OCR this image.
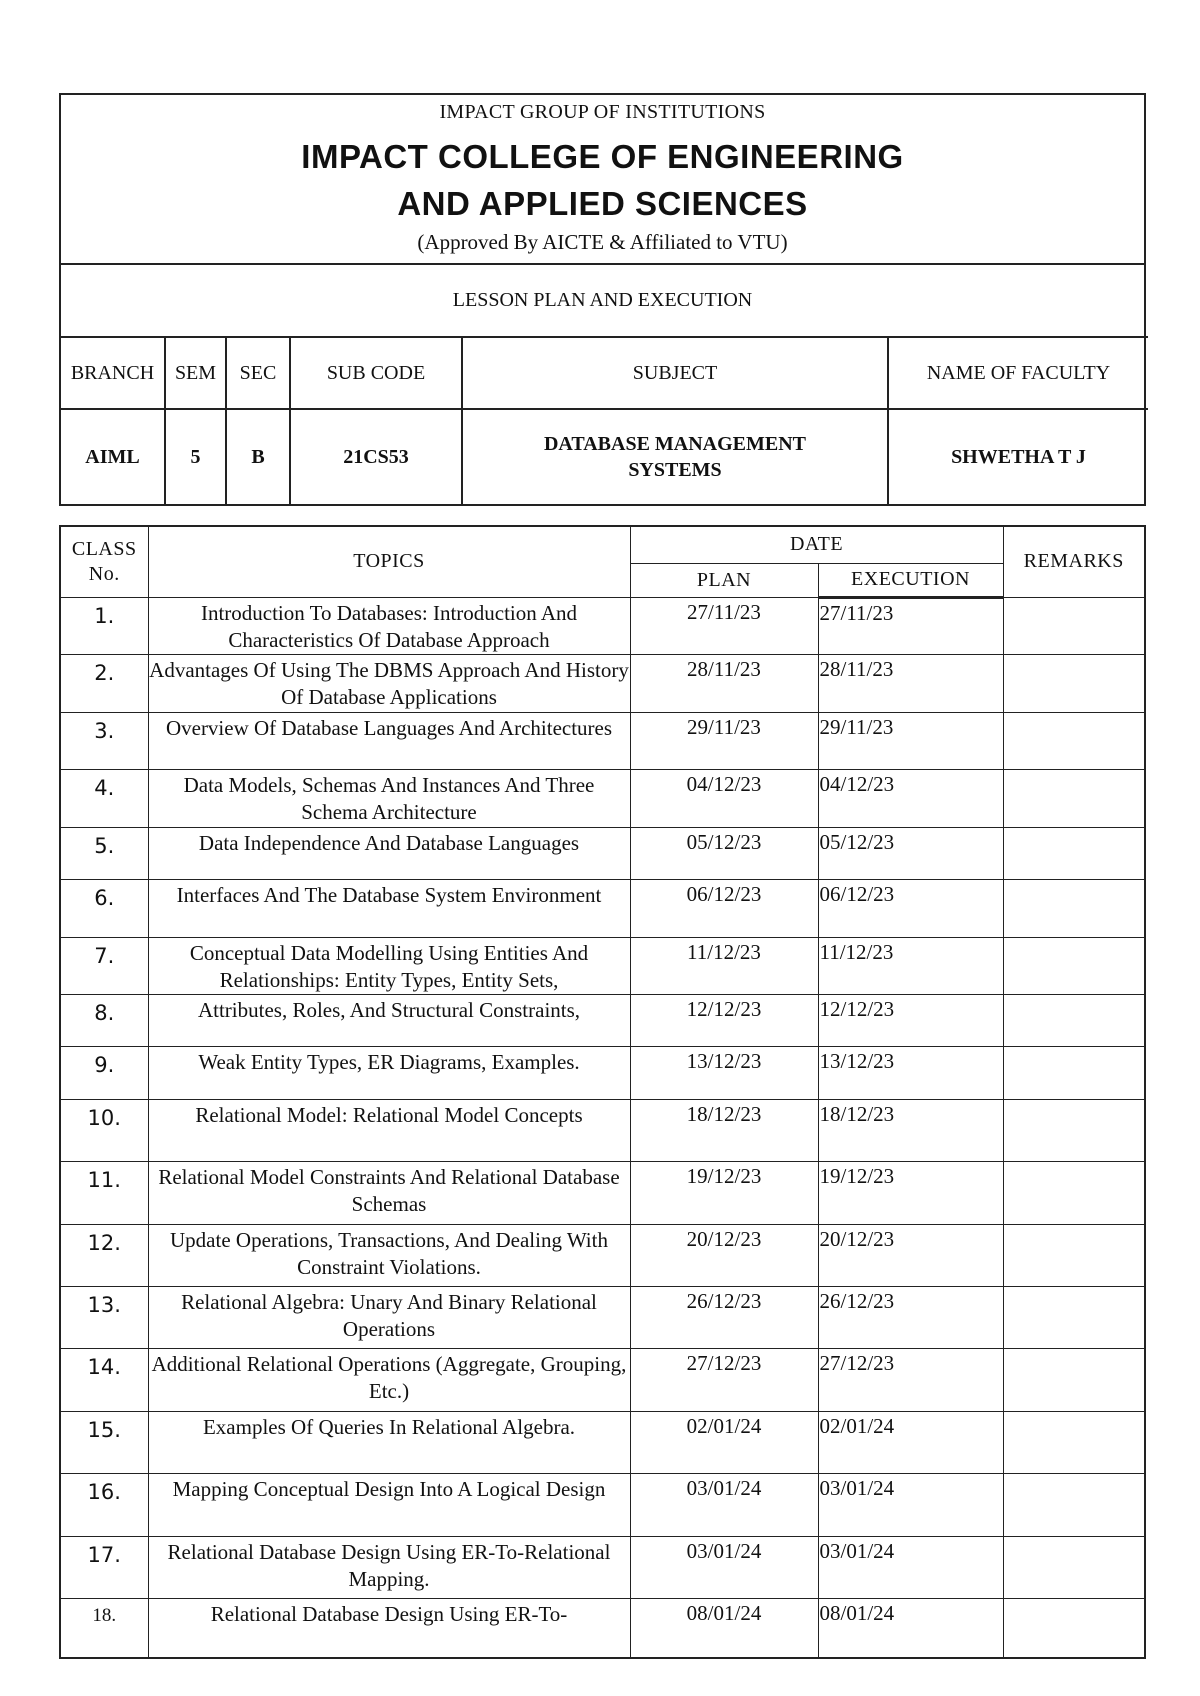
IMPACT GROUP OF INSTITUTIONS
IMPACT COLLEGE OF ENGINEERING
AND APPLIED SCIENCES
(Approved By AICTE & Affiliated to VTU)
LESSON PLAN AND EXECUTION
BRANCH	SEM	SEC	SUB CODE	SUBJECT	NAME OF FACULTY
AIML	5	B	21CS53	DATABASE MANAGEMENT SYSTEMS	SHWETHA T J
CLASS
No.	TOPICS	DATE		REMARKS
		PLAN	EXECUTION	
1.	Introduction To Databases: Introduction And Characteristics Of Database Approach	27/11/23	27/11/23	
2.	Advantages Of Using The DBMS Approach And History Of Database Applications	28/11/23	28/11/23	
3.	Overview Of Database Languages And Architectures	29/11/23	29/11/23	
4.	Data Models, Schemas And Instances And Three Schema Architecture	04/12/23	04/12/23	
5.	Data Independence And Database Languages	05/12/23	05/12/23	
6.	Interfaces And The Database System Environment	06/12/23	06/12/23	
7.	Conceptual Data Modelling Using Entities And Relationships: Entity Types, Entity Sets,	11/12/23	11/12/23	
8.	Attributes, Roles, And Structural Constraints,	12/12/23	12/12/23	
9.	Weak Entity Types, ER Diagrams, Examples.	13/12/23	13/12/23	
10.	Relational Model: Relational Model Concepts	18/12/23	18/12/23	
11.	Relational Model Constraints And Relational Database Schemas	19/12/23	19/12/23	
12.	Update Operations, Transactions, And Dealing With Constraint Violations.	20/12/23	20/12/23	
13.	Relational Algebra: Unary And Binary Relational Operations	26/12/23	26/12/23	
14.	Additional Relational Operations (Aggregate, Grouping, Etc.)	27/12/23	27/12/23	
15.	Examples Of Queries In Relational Algebra.	02/01/24	02/01/24	
16.	Mapping Conceptual Design Into A Logical Design	03/01/24	03/01/24	
17.	Relational Database Design Using ER-To-Relational Mapping.	03/01/24	03/01/24	
18.	Relational Database Design Using ER-To-	08/01/24	08/01/24	
